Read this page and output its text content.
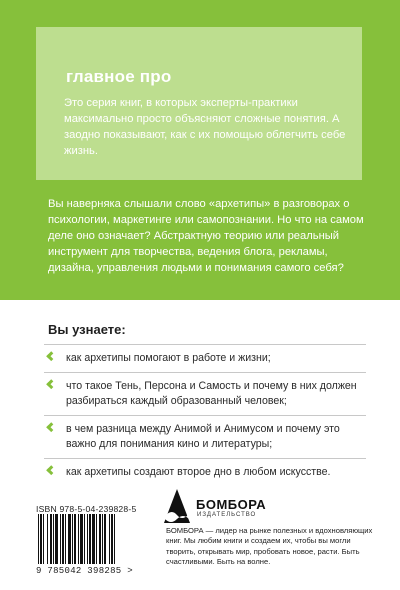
главное про
Это серия книг, в которых эксперты-практики максимально просто объясняют сложные понятия. А заодно показывают, как с их помощью облегчить себе жизнь.
Вы наверняка слышали слово «архетипы» в разговорах о психологии, маркетинге или самопознании. Но что на самом деле оно означает? Абстрактную теорию или реальный инструмент для творчества, ведения блога, рекламы, дизайна, управления людьми и понимания самого себя?
Вы узнаете:
как архетипы помогают в работе и жизни;
что такое Тень, Персона и Самость и почему в них должен разбираться каждый образованный человек;
в чем разница между Анимой и Анимусом и почему это важно для понимания кино и литературы;
как архетипы создают второе дно в любом искусстве.
ISBN 978-5-04-239828-5
9 785042 398285 >
БОМБОРА
ИЗДАТЕЛЬСТВО
БОМБОРА — лидер на рынке полезных и вдохновляющих книг. Мы любим книги и создаем их, чтобы вы могли творить, открывать мир, пробовать новое, расти. Быть счастливыми. Быть на волне.
